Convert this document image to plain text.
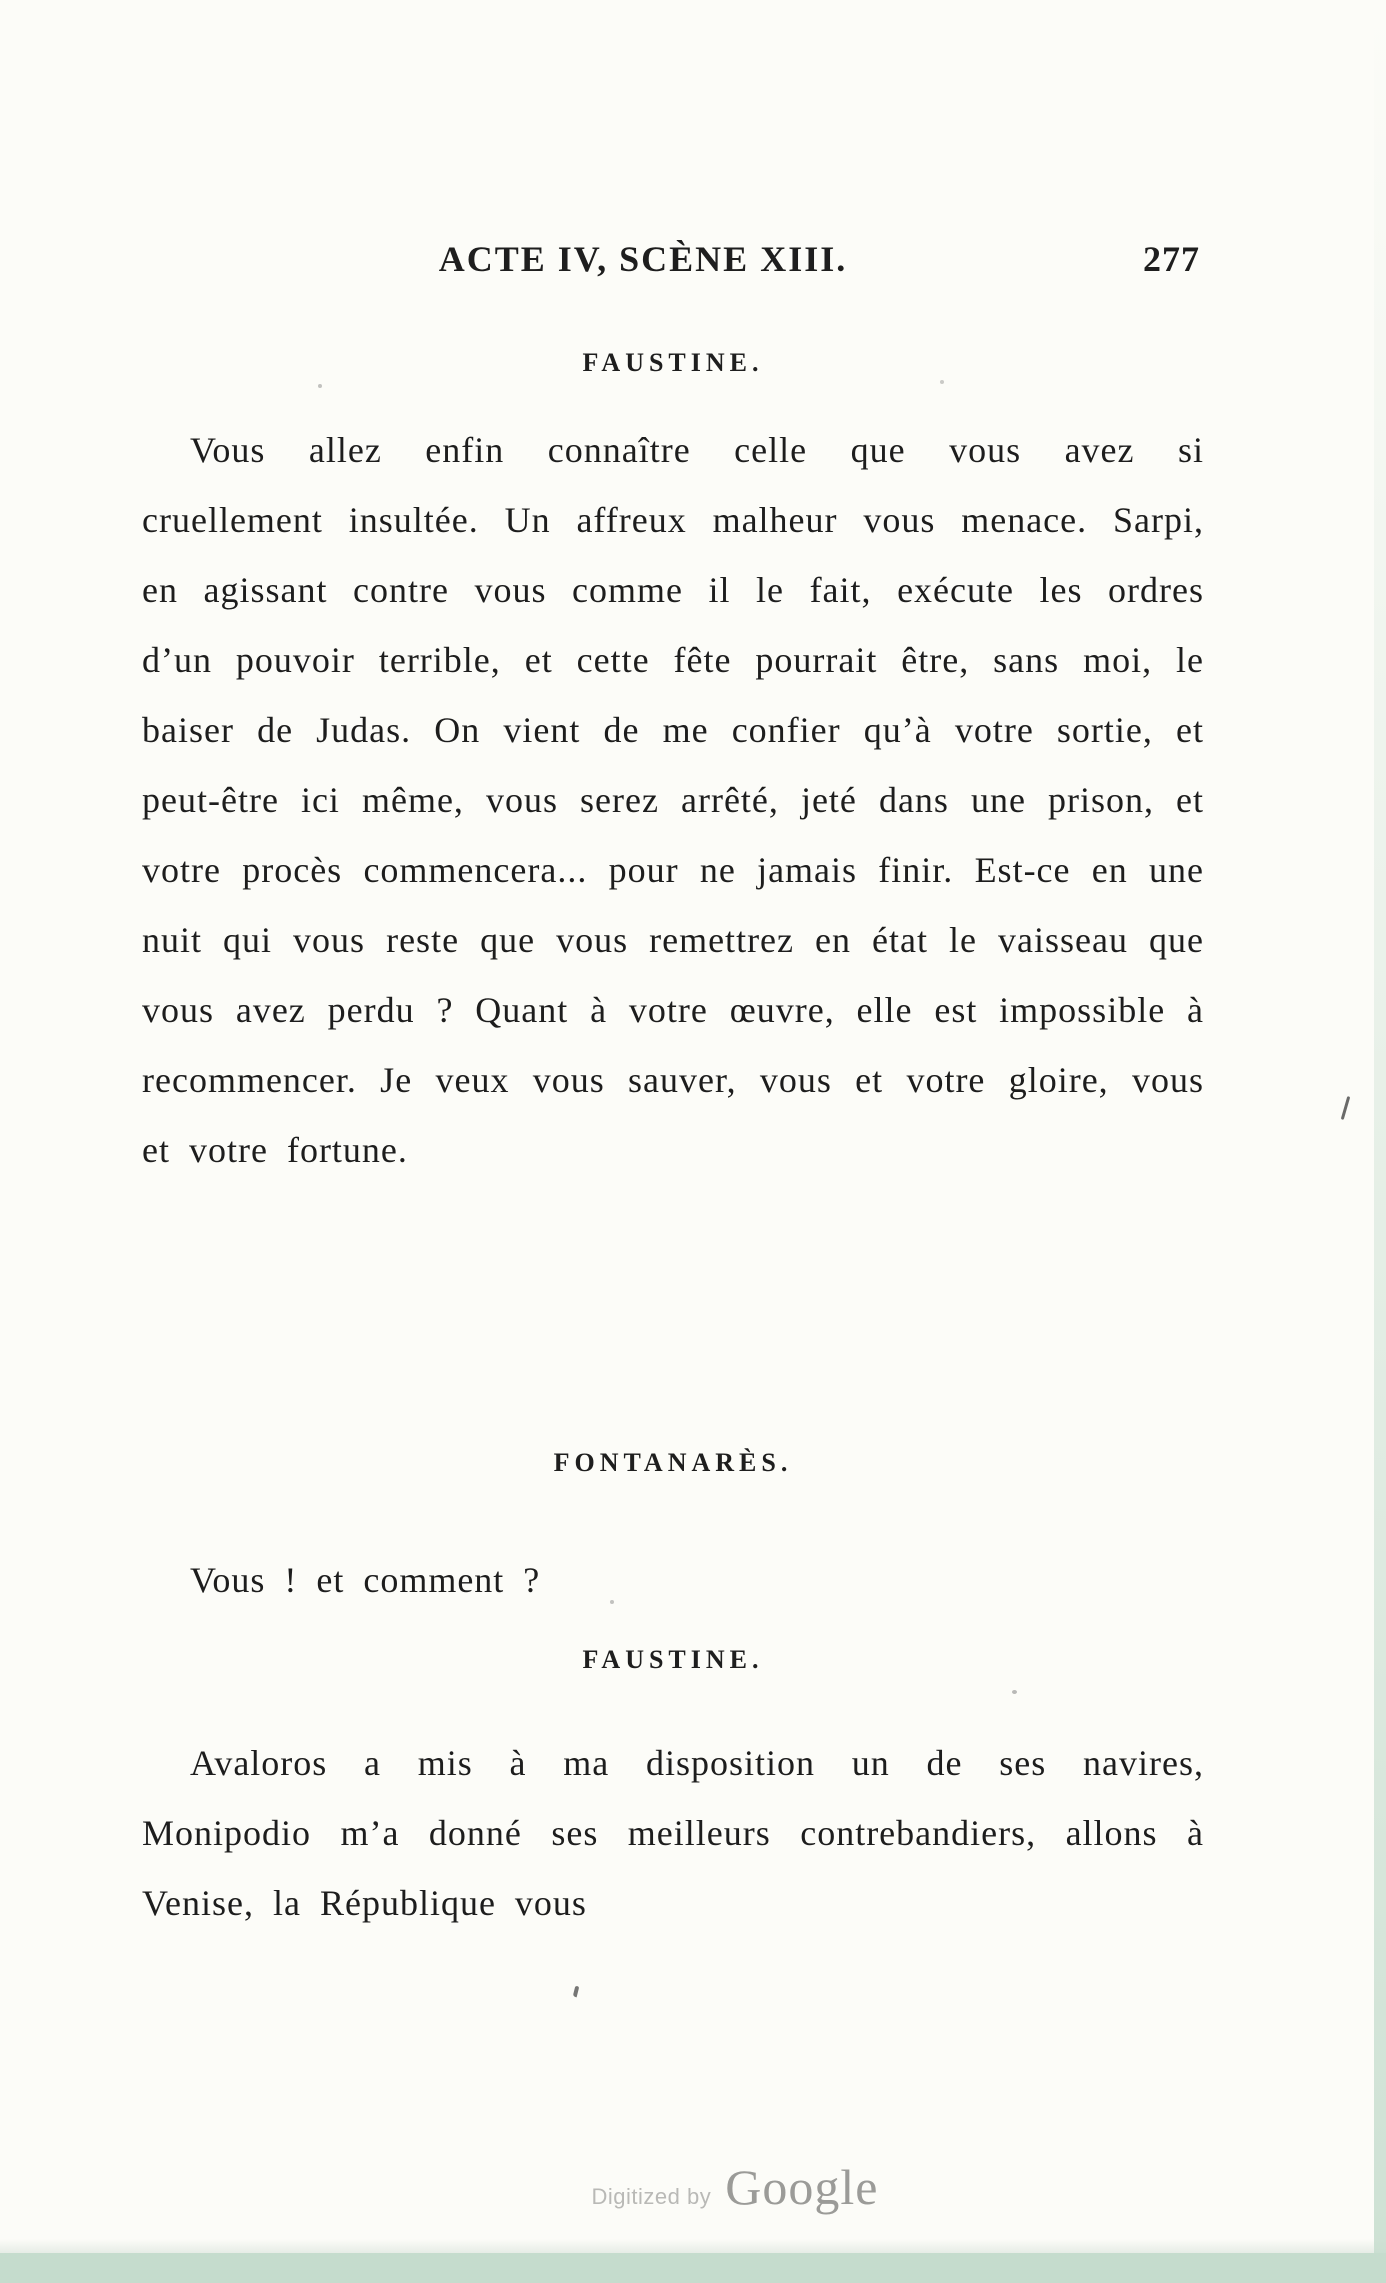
ACTE IV, SCÈNE XIII.	277
FAUSTINE.
Vous allez enfin connaître celle que vous avez si cruellement insultée. Un affreux malheur vous menace. Sarpi, en agissant contre vous comme il le fait, exécute les ordres d’un pouvoir terrible, et cette fête pourrait être, sans moi, le baiser de Judas. On vient de me confier qu’à votre sortie, et peut-être ici même, vous serez arrêté, jeté dans une prison, et votre procès commencera... pour ne jamais finir. Est-ce en une nuit qui vous reste que vous remettrez en état le vaisseau que vous avez perdu ? Quant à votre œuvre, elle est impossible à recommencer. Je veux vous sauver, vous et votre gloire, vous et votre fortune.
FONTANARÈS.
Vous ! et comment ?
FAUSTINE.
Avaloros a mis à ma disposition un de ses navires, Monipodio m’a donné ses meilleurs contrebandiers, allons à Venise, la République vous
Digitized by Google
